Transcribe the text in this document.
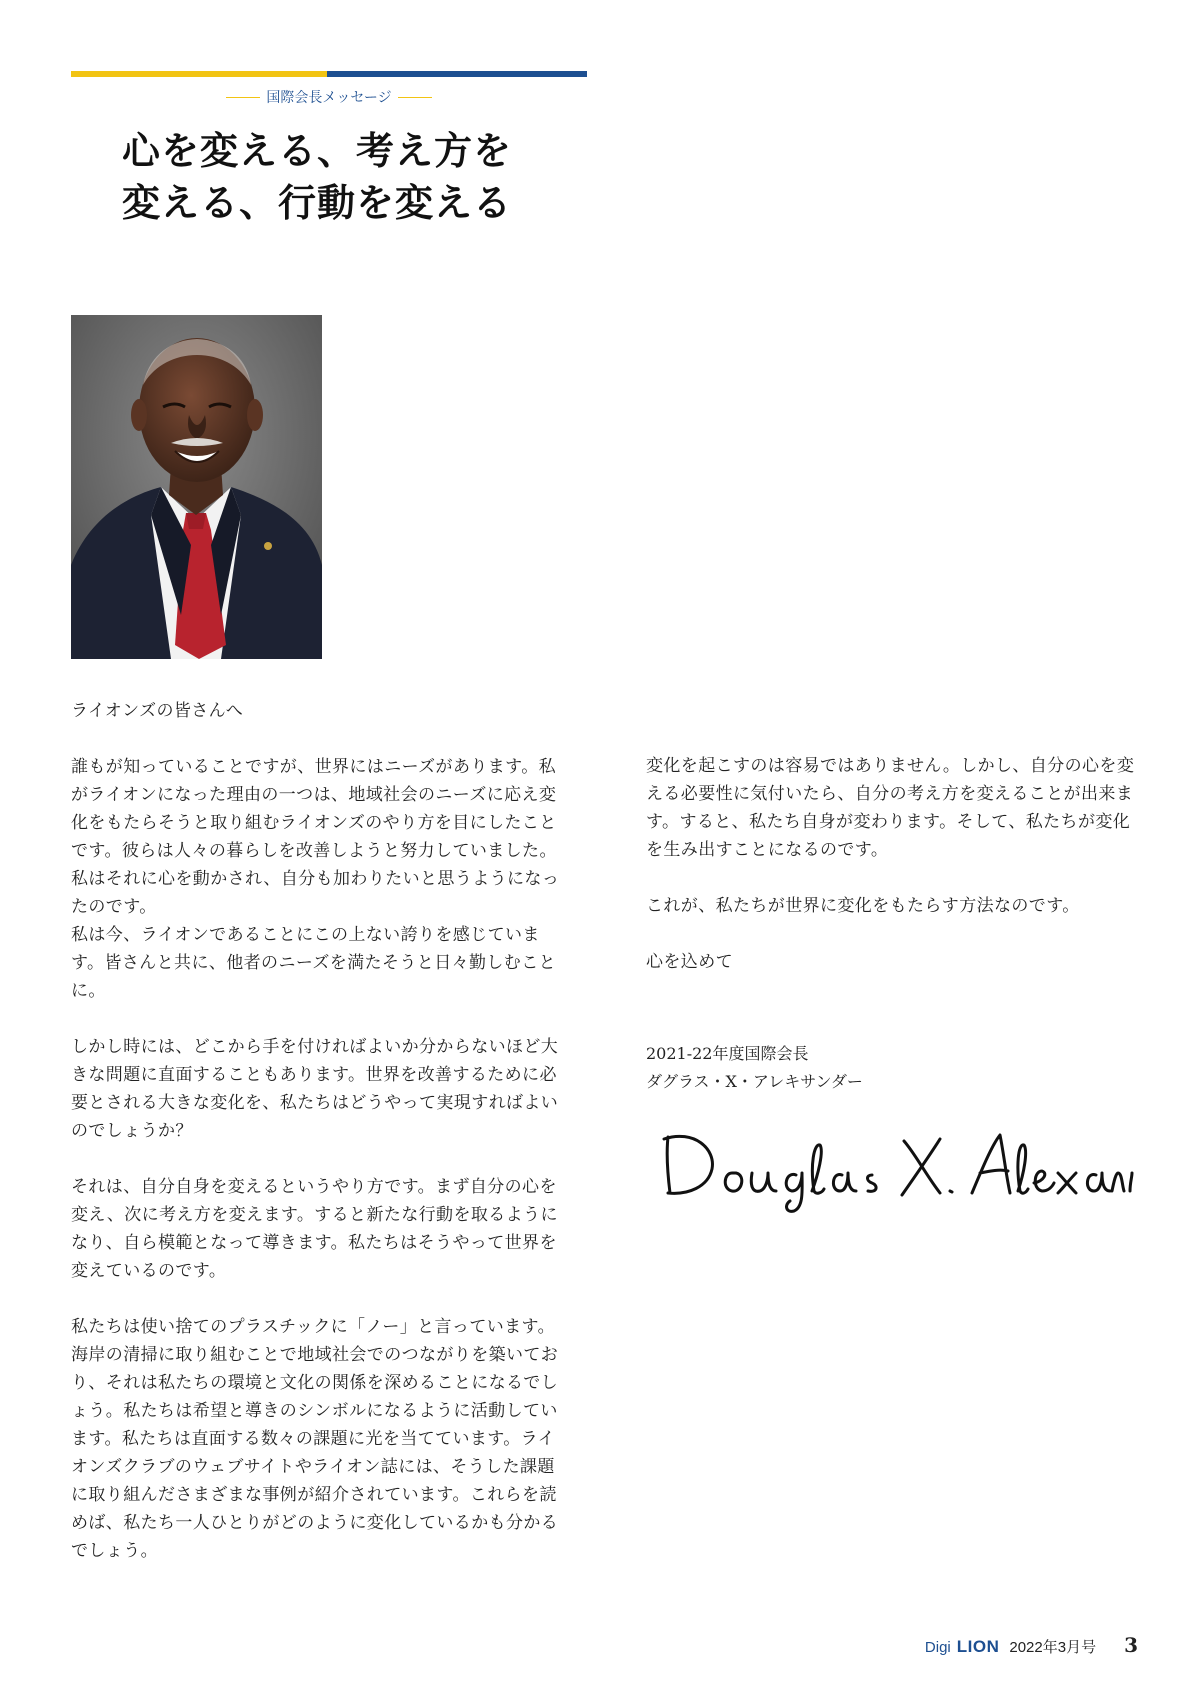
国際会長メッセージ
心を変える、考え方を
変える、行動を変える

ライオンズの皆さんへ

誰もが知っていることですが、世界にはニーズがあります。私がライオンになった理由の一つは、地域社会のニーズに応え変化をもたらそうと取り組むライオンズのやり方を目にしたことです。彼らは人々の暮らしを改善しようと努力していました。私はそれに心を動かされ、自分も加わりたいと思うようになったのです。

私は今、ライオンであることにこの上ない誇りを感じています。皆さんと共に、他者のニーズを満たそうと日々勤しむことに。

しかし時には、どこから手を付ければよいか分からないほど大きな問題に直面することもあります。世界を改善するために必要とされる大きな変化を、私たちはどうやって実現すればよいのでしょうか？

それは、自分自身を変えるというやり方です。まず自分の心を変え、次に考え方を変えます。すると新たな行動を取るようになり、自ら模範となって導きます。私たちはそうやって世界を変えているのです。

私たちは使い捨てのプラスチックに「ノー」と言っています。海岸の清掃に取り組むことで地域社会でのつながりを築いており、それは私たちの環境と文化の関係を深めることになるでしょう。私たちは希望と導きのシンボルになるように活動しています。私たちは直面する数々の課題に光を当てています。ライオンズクラブのウェブサイトやライオン誌には、そうした課題に取り組んださまざまな事例が紹介されています。これらを読めば、私たち一人ひとりがどのように変化しているかも分かるでしょう。

変化を起こすのは容易ではありません。しかし、自分の心を変える必要性に気付いたら、自分の考え方を変えることが出来ます。すると、私たち自身が変わります。そして、私たちが変化を生み出すことになるのです。

これが、私たちが世界に変化をもたらす方法なのです。

心を込めて

2021-22年度国際会長
ダグラス・X・アレキサンダー
Digi LION 2022年3月号 3
